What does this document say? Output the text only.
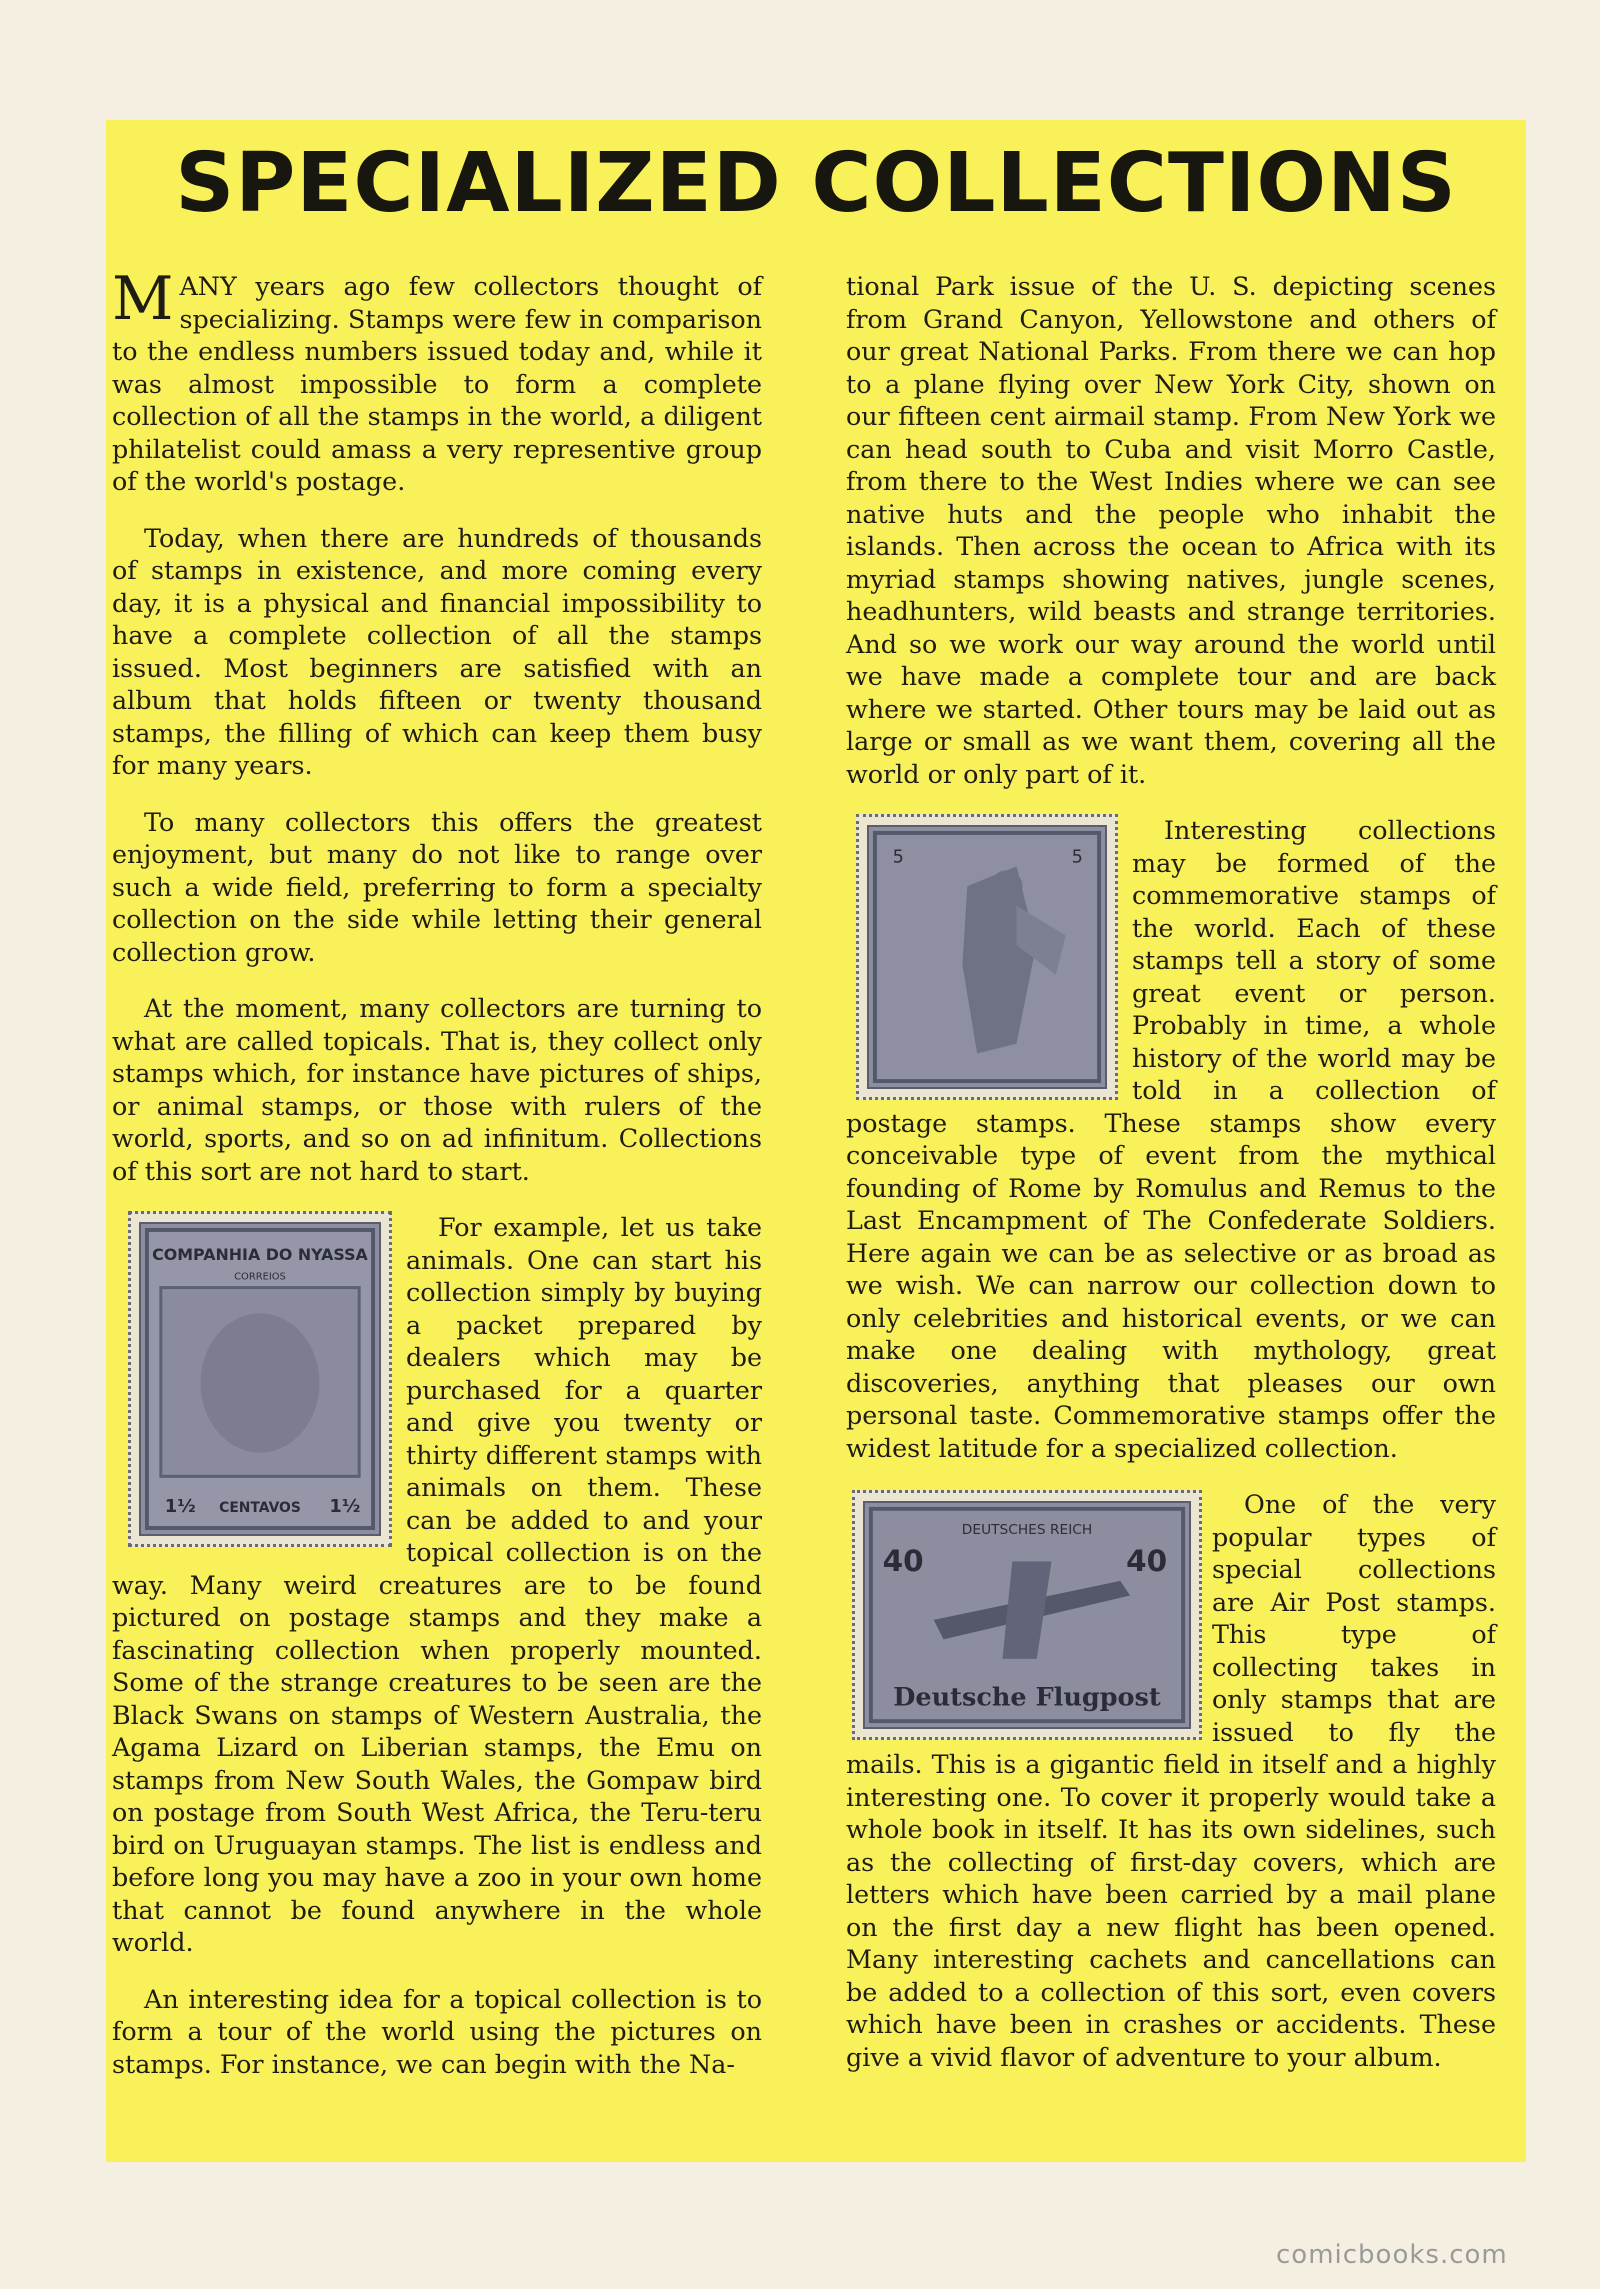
SPECIALIZED COLLECTIONS

MANY years ago few collectors thought of specializing. Stamps were few in comparison to the endless numbers issued today and, while it was almost impossible to form a complete collection of all the stamps in the world, a diligent philatelist could amass a very representive group of the world's postage.

Today, when there are hundreds of thousands of stamps in existence, and more coming every day, it is a physical and financial impossibility to have a complete collection of all the stamps issued. Most beginners are satisfied with an album that holds fifteen or twenty thousand stamps, the filling of which can keep them busy for many years.

To many collectors this offers the greatest enjoyment, but many do not like to range over such a wide field, preferring to form a specialty collection on the side while letting their general collection grow.

At the moment, many collectors are turning to what are called topicals. That is, they collect only stamps which, for instance have pictures of ships, or animal stamps, or those with rulers of the world, sports, and so on ad infinitum. Collections of this sort are not hard to start.

COMPANHIA DO NYASSA
CORREIOS
CENTAVOS
1½	1½

For example, let us take animals. One can start his collection simply by buying a packet prepared by dealers which may be purchased for a quarter and give you twenty or thirty different stamps with animals on them. These can be added to and your topical collection is on the way. Many weird creatures are to be found pictured on postage stamps and they make a fascinating collection when properly mounted. Some of the strange creatures to be seen are the Black Swans on stamps of Western Australia, the Agama Lizard on Liberian stamps, the Emu on stamps from New South Wales, the Gompaw bird on postage from South West Africa, the Teru-teru bird on Uruguayan stamps. The list is endless and before long you may have a zoo in your own home that cannot be found anywhere in the whole world.

An interesting idea for a topical collection is to form a tour of the world using the pictures on stamps. For instance, we can begin with the Na-

tional Park issue of the U. S. depicting scenes from Grand Canyon, Yellowstone and others of our great National Parks. From there we can hop to a plane flying over New York City, shown on our fifteen cent airmail stamp. From New York we can head south to Cuba and visit Morro Castle, from there to the West Indies where we can see native huts and the people who inhabit the islands. Then across the ocean to Africa with its myriad stamps showing natives, jungle scenes, headhunters, wild beasts and strange territories. And so we work our way around the world until we have made a complete tour and are back where we started. Other tours may be laid out as large or small as we want them, covering all the world or only part of it.

5	5

Interesting collections may be formed of the commemorative stamps of the world. Each of these stamps tell a story of some great event or person. Probably in time, a whole history of the world may be told in a collection of postage stamps. These stamps show every conceivable type of event from the mythical founding of Rome by Romulus and Remus to the Last Encampment of The Confederate Soldiers. Here again we can be as selective or as broad as we wish. We can narrow our collection down to only celebrities and historical events, or we can make one dealing with mythology, great discoveries, anything that pleases our own personal taste. Commemorative stamps offer the widest latitude for a specialized collection.

DEUTSCHES REICH
Deutsche Flugpost
40	40

One of the very popular types of special collections are Air Post stamps. This type of collecting takes in only stamps that are issued to fly the mails. This is a gigantic field in itself and a highly interesting one. To cover it properly would take a whole book in itself. It has its own sidelines, such as the collecting of first-day covers, which are letters which have been carried by a mail plane on the first day a new flight has been opened. Many interesting cachets and cancellations can be added to a collection of this sort, even covers which have been in crashes or accidents. These give a vivid flavor of adventure to your album.

comicbooks.com
